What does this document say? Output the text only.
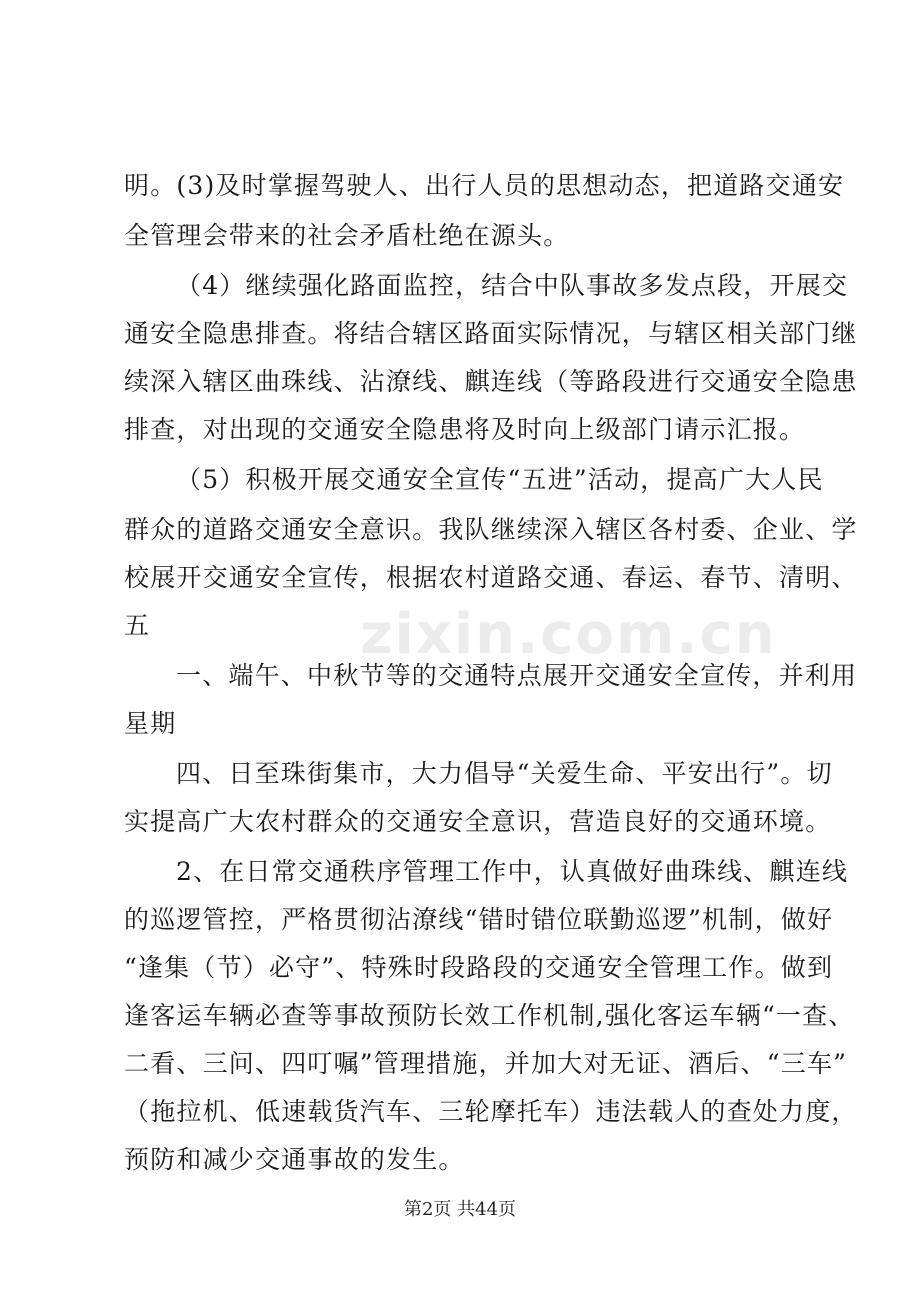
明。(3)及时掌握驾驶人、出行人员的思想动态，把道路交通安
全管理会带来的社会矛盾杜绝在源头。
（4）继续强化路面监控，结合中队事故多发点段，开展交
通安全隐患排查。将结合辖区路面实际情况，与辖区相关部门继
续深入辖区曲珠线、沾潦线、麒连线（等路段进行交通安全隐患
排查，对出现的交通安全隐患将及时向上级部门请示汇报。
（5）积极开展交通安全宣传“五进”活动，提高广大人民
群众的道路交通安全意识。我队继续深入辖区各村委、企业、学
校展开交通安全宣传，根据农村道路交通、春运、春节、清明、
五
一、端午、中秋节等的交通特点展开交通安全宣传，并利用
星期
四、日至珠街集市，大力倡导“关爱生命、平安出行”。切
实提高广大农村群众的交通安全意识，营造良好的交通环境。
2、在日常交通秩序管理工作中，认真做好曲珠线、麒连线
的巡逻管控，严格贯彻沾潦线“错时错位联勤巡逻”机制，做好
“逢集（节）必守”、特殊时段路段的交通安全管理工作。做到
逢客运车辆必查等事故预防长效工作机制,强化客运车辆“一查、
二看、三问、四叮嘱”管理措施，并加大对无证、酒后、“三车”
（拖拉机、低速载货汽车、三轮摩托车）违法载人的查处力度，
预防和减少交通事故的发生。
zixin.com.cn
第2页 共44页
